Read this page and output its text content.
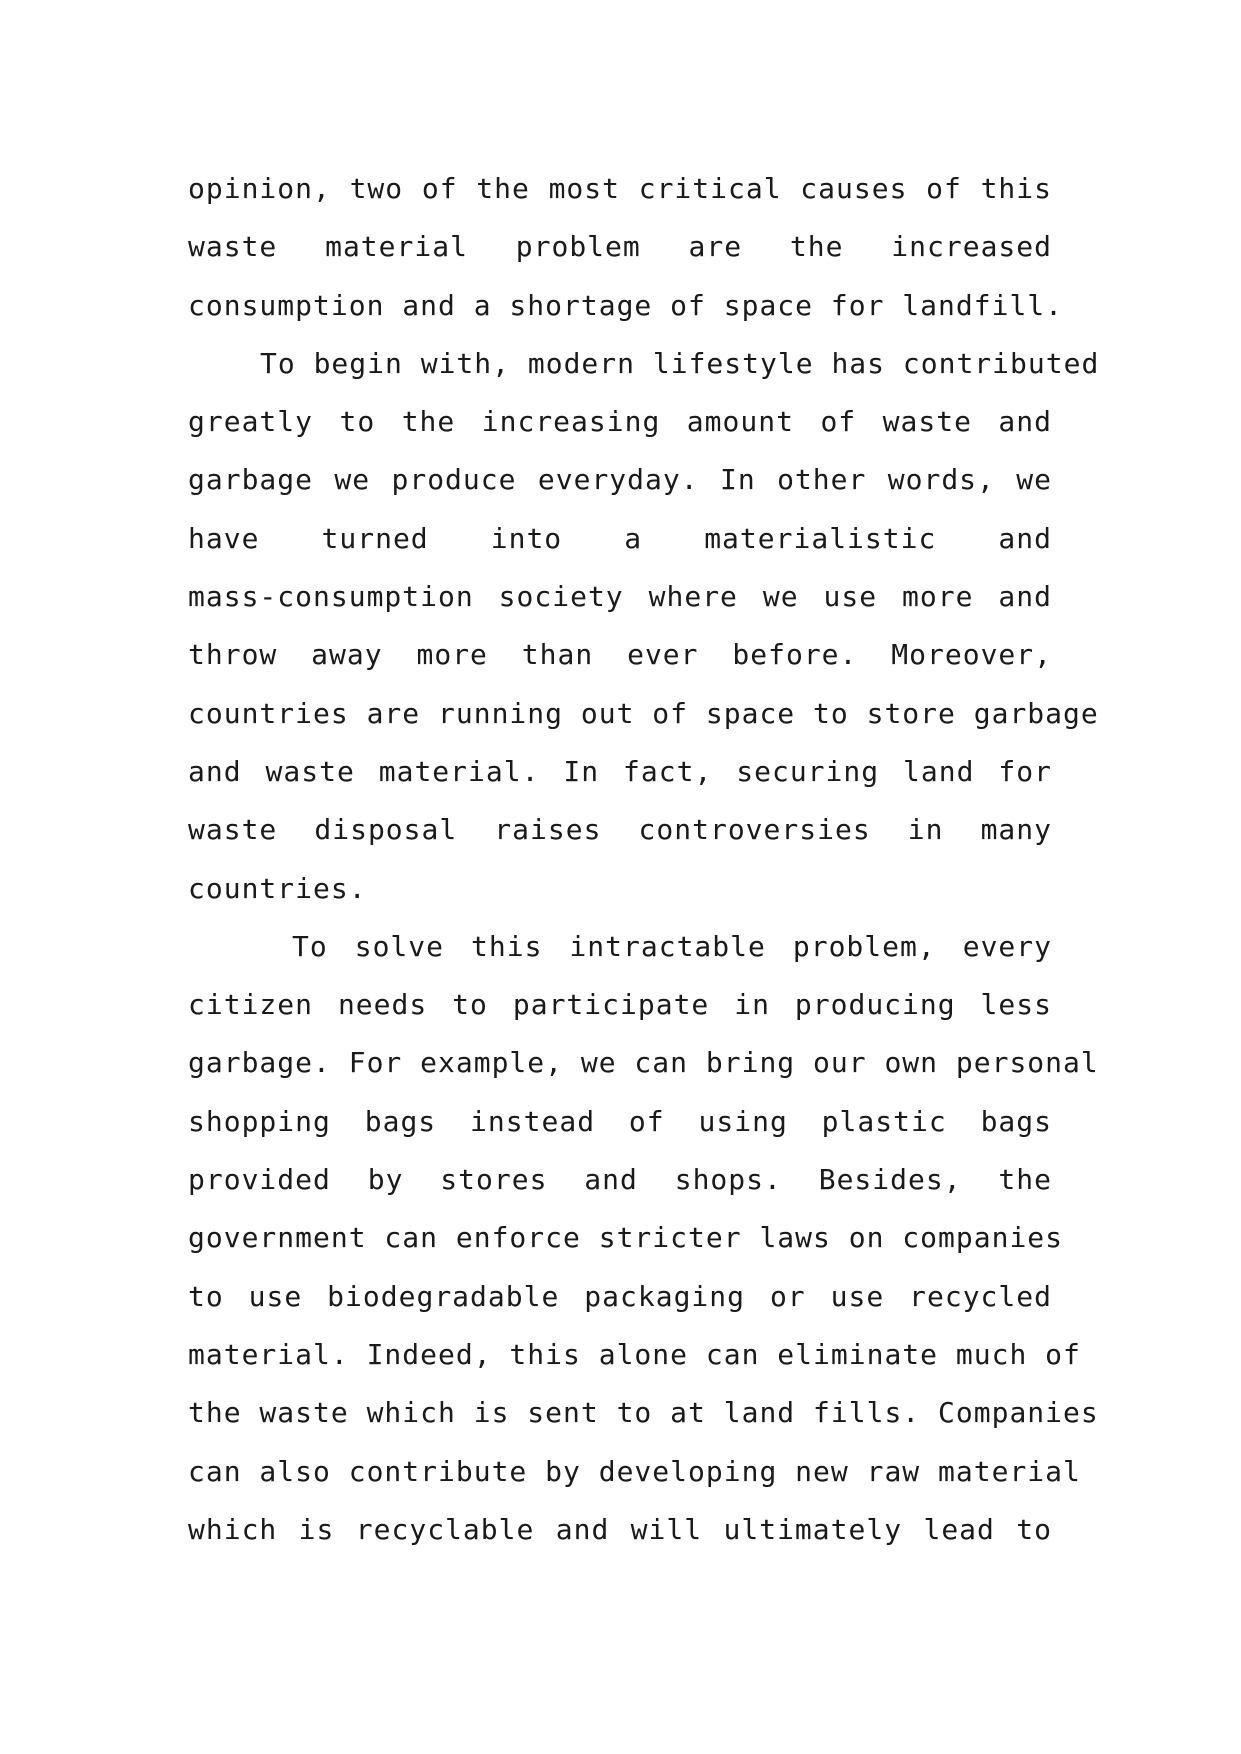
opinion, two of the most critical causes of this
waste material problem are the increased
consumption and a shortage of space for landfill.
To begin with, modern lifestyle has contributed
greatly to the increasing amount of waste and
garbage we produce everyday. In other words, we
have turned into a materialistic and
mass-consumption society where we use more and
throw away more than ever before. Moreover,
countries are running out of space to store garbage
and waste material. In fact, securing land for
waste disposal raises controversies in many
countries.
To solve this intractable problem, every
citizen needs to participate in producing less
garbage. For example, we can bring our own personal
shopping bags instead of using plastic bags
provided by stores and shops. Besides, the
government can enforce stricter laws on companies
to use biodegradable packaging or use recycled
material. Indeed, this alone can eliminate much of
the waste which is sent to at land fills. Companies
can also contribute by developing new raw material
which is recyclable and will ultimately lead to
